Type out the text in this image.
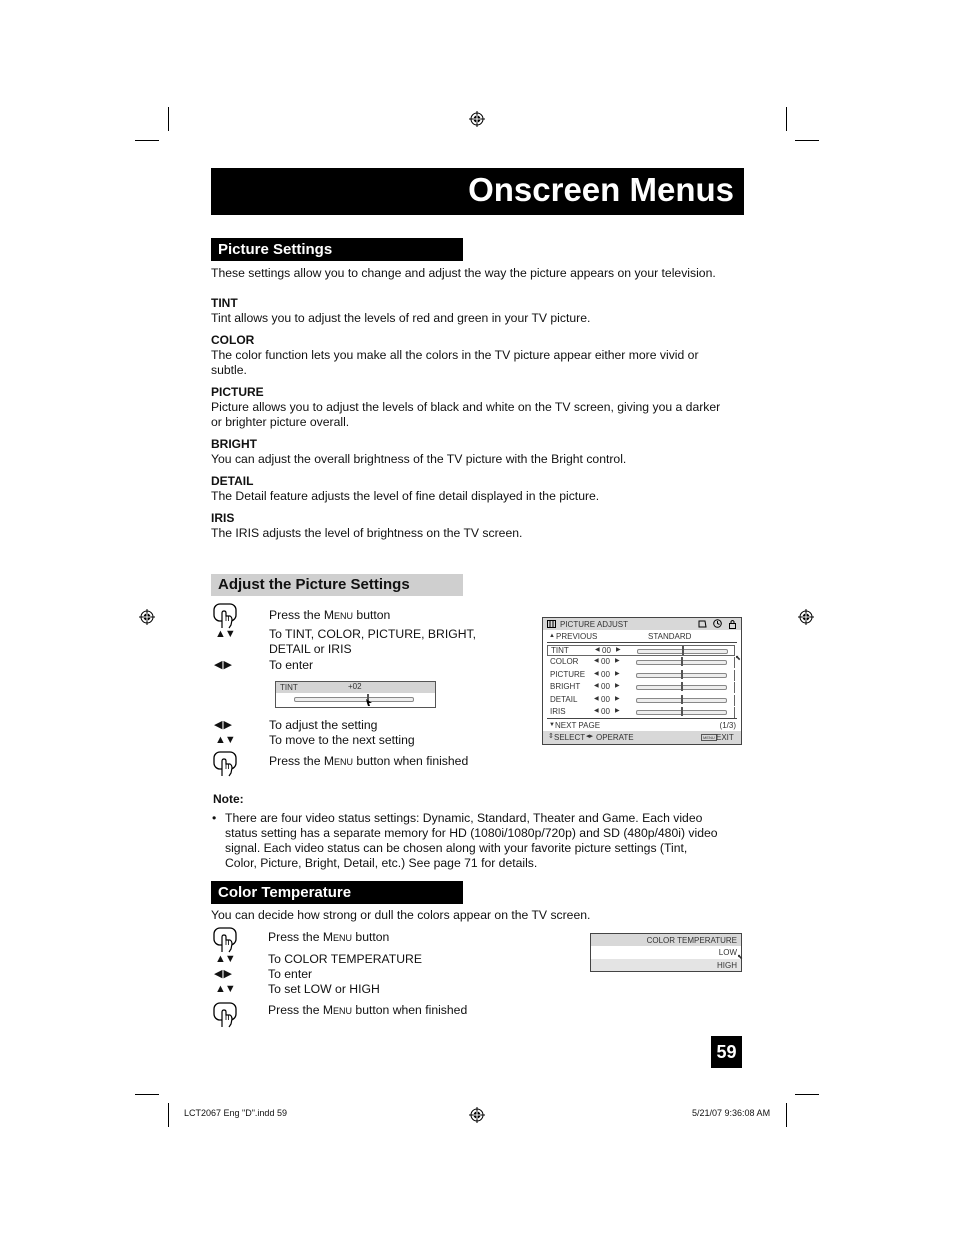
Onscreen Menus
Picture Settings
These settings allow you to change and adjust the way the picture appears on your television.
TINT
Tint allows you to adjust the levels of red and green in your TV picture.
COLOR
The color function lets you make all the colors in the TV picture appear either more vivid or
subtle.
PICTURE
Picture allows you to adjust the levels of black and white on the TV screen, giving you a darker
or brighter picture overall.
BRIGHT
You can adjust the overall brightness of the TV picture with the Bright control.
DETAIL
The Detail feature adjusts the level of fine detail displayed in the picture.
IRIS
The IRIS adjusts the level of brightness on the TV screen.
Adjust the Picture Settings
Press the Menu button
▲▼	To TINT, COLOR, PICTURE, BRIGHT,
DETAIL or IRIS
◀ ▶	To enter
TINT	+02
◀ ▶	To adjust the setting
▲▼	To move to the next setting
Press the Menu button when finished
PICTURE ADJUST
▲ PREVIOUS	STANDARD
TINT	◀ 00 ▶
COLOR	◀ 00 ▶
PICTURE ◀ 00 ▶
BRIGHT ◀ 00 ▶
DETAIL	◀ 00 ▶
IRIS	◀ 00 ▶
⬉
▼ NEXT PAGE	(1/3)
⇕ SELECT ◂▸ OPERATE	MENU EXIT
Note:
• There are four video status settings: Dynamic, Standard, Theater and Game. Each video
status setting has a separate memory for HD (1080i/1080p/720p) and SD (480p/480i) video
signal. Each video status can be chosen along with your favorite picture settings (Tint,
Color, Picture, Bright, Detail, etc.) See page 71 for details.
Color Temperature
You can decide how strong or dull the colors appear on the TV screen.
Press the Menu button
▲▼	To COLOR TEMPERATURE
◀ ▶	To enter
▲▼	To set LOW or HIGH
Press the Menu button when finished
COLOR TEMPERATURE
LOW
HIGH
⬉
59
LCT2067 Eng "D".indd 59	5/21/07 9:36:08 AM
